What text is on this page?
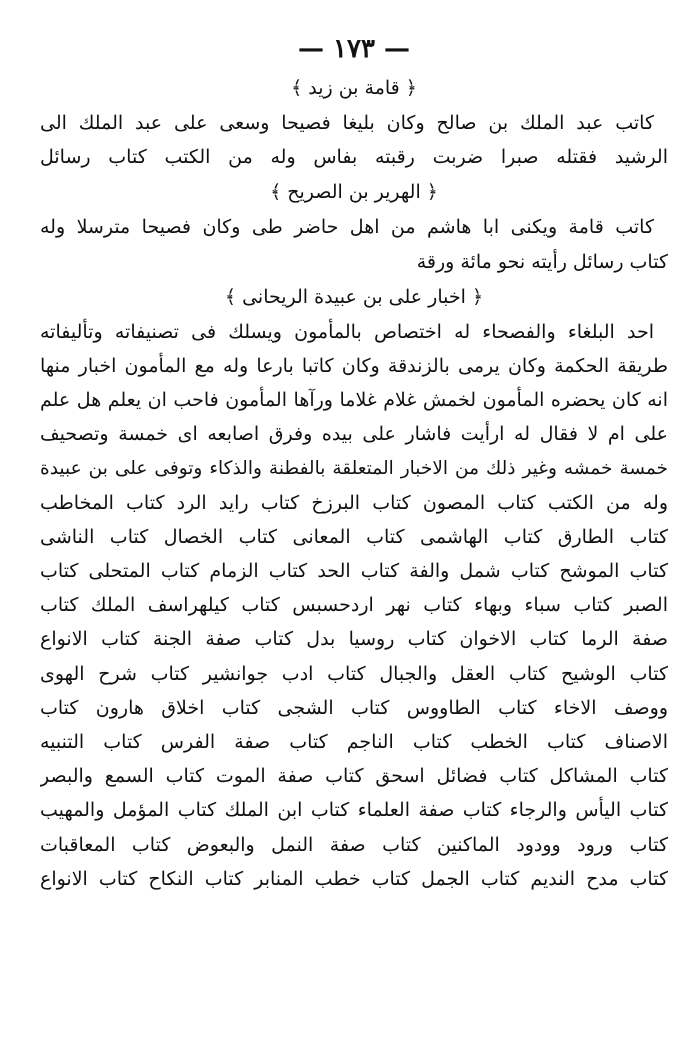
— ١٧٣ —
﴿ قامة بن زيد ﴾
كاتب عبد الملك بن صالح وكان بليغا فصيحا وسعى على عبد الملك الى
الرشيد فقتله صبرا ضربت رقبته بفاس وله من الكتب كتاب رسائل
﴿ الهرير بن الصريح ﴾
كاتب قامة ويكنى ابا هاشم من اهل حاضر طى وكان فصيحا مترسلا وله
كتاب رسائل رأيته نحو مائة ورقة
﴿ اخبار على بن عبيدة الريحانى ﴾
احد البلغاء والفصحاء له اختصاص بالمأمون ويسلك فى تصنيفاته وتأليفاته
طريقة الحكمة وكان يرمى بالزندقة وكان كاتبا بارعا وله مع المأمون اخبار منها
انه كان يحضره المأمون لخمش غلام غلاما ورآها المأمون فاحب ان يعلم هل علم
على ام لا فقال له ارأيت فاشار على بيده وفرق اصابعه اى خمسة وتصحيف
خمسة خمشه وغير ذلك من الاخبار المتعلقة بالفطنة والذكاء وتوفى على بن عبيدة
وله من الكتب كتاب المصون كتاب البرزخ كتاب رايد الرد كتاب المخاطب
كتاب الطارق كتاب الهاشمى كتاب المعانى كتاب الخصال كتاب الناشى
كتاب الموشح كتاب شمل والفة كتاب الحد كتاب الزمام كتاب المتحلى كتاب
الصبر كتاب سباء وبهاء كتاب نهر اردحسبس كتاب كيلهراسف الملك كتاب
صفة الرما كتاب الاخوان كتاب روسيا بدل كتاب صفة الجنة كتاب الانواع
كتاب الوشيح كتاب العقل والجبال كتاب ادب جوانشير كتاب شرح الهوى
ووصف الاخاء كتاب الطاووس كتاب الشجى كتاب اخلاق هارون كتاب
الاصناف كتاب الخطب كتاب الناجم كتاب صفة الفرس كتاب التنبيه
كتاب المشاكل كتاب فضائل اسحق كتاب صفة الموت كتاب السمع والبصر
كتاب اليأس والرجاء كتاب صفة العلماء كتاب ابن الملك كتاب المؤمل والمهيب
كتاب ورود وودود الماكنين كتاب صفة النمل والبعوض كتاب المعاقبات
كتاب مدح النديم كتاب الجمل كتاب خطب المنابر كتاب النكاح كتاب الانواع
